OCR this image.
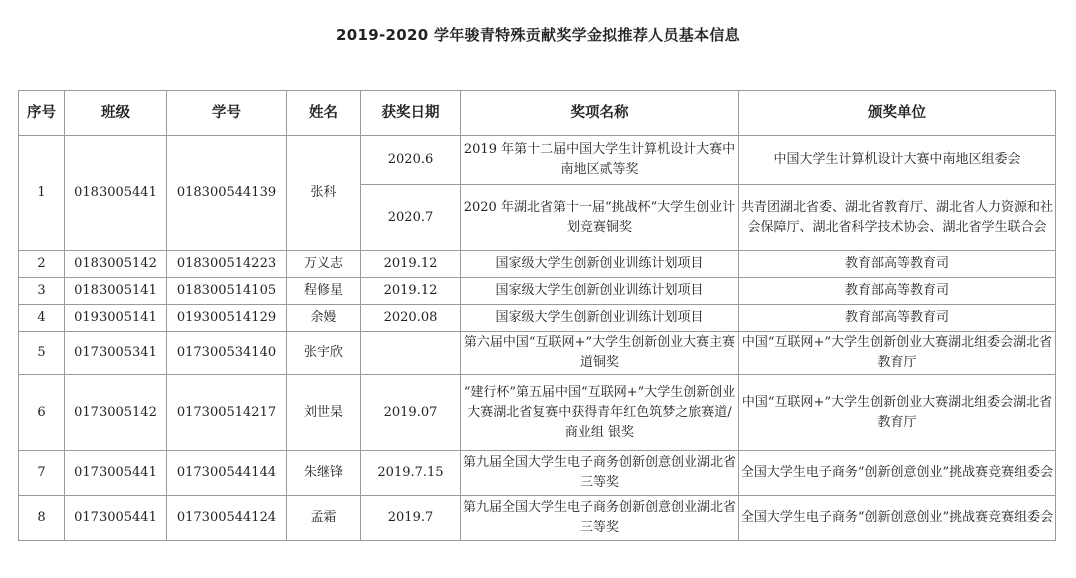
2019-2020 学年骏青特殊贡献奖学金拟推荐人员基本信息
序号	班级	学号	姓名	获奖日期	奖项名称	颁奖单位
1	0183005441	018300544139	张科	2020.6	2019 年第十二届中国大学生计算机设计大赛中南地区贰等奖	中国大学生计算机设计大赛中南地区组委会
				2020.7	2020 年湖北省第十一届“挑战杯”大学生创业计划竞赛铜奖	共青团湖北省委、湖北省教育厅、湖北省人力资源和社会保障厅、湖北省科学技术协会、湖北省学生联合会
2	0183005142	018300514223	万义志	2019.12	国家级大学生创新创业训练计划项目	教育部高等教育司
3	0183005141	018300514105	程修星	2019.12	国家级大学生创新创业训练计划项目	教育部高等教育司
4	0193005141	019300514129	余嫚	2020.08	国家级大学生创新创业训练计划项目	教育部高等教育司
5	0173005341	017300534140	张宇欣		第六届中国“互联网+”大学生创新创业大赛主赛道铜奖	中国“互联网+”大学生创新创业大赛湖北组委会湖北省教育厅
6	0173005142	017300514217	刘世杲	2019.07	“建行杯”第五届中国“互联网+”大学生创新创业大赛湖北省复赛中获得青年红色筑梦之旅赛道/商业组 银奖	中国“互联网+”大学生创新创业大赛湖北组委会湖北省教育厅
7	0173005441	017300544144	朱继锋	2019.7.15	第九届全国大学生电子商务创新创意创业湖北省三等奖	全国大学生电子商务“创新创意创业”挑战赛竞赛组委会
8	0173005441	017300544124	孟霜	2019.7	第九届全国大学生电子商务创新创意创业湖北省三等奖	全国大学生电子商务“创新创意创业”挑战赛竞赛组委会
